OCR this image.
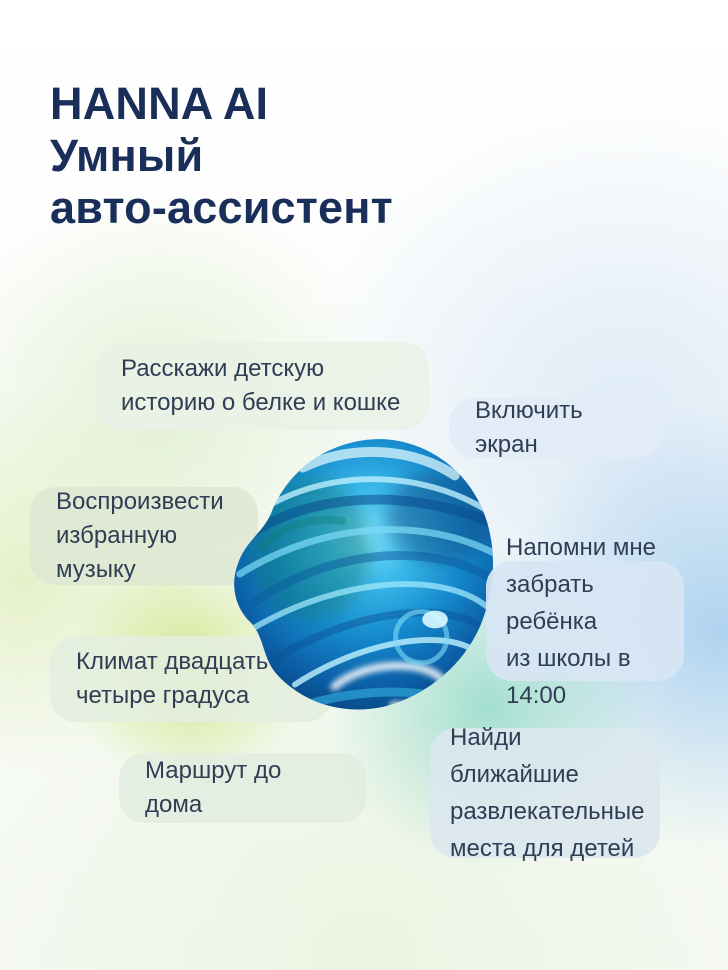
HANNA AI
Умный
авто-ассистент
Расскажи детскую
историю о белке и кошке	Включить экран
Воспроизвести
избранную музыку
Напомни мне
забрать ребёнка
из школы в 14:00
Климат двадцать
четыре градуса
Маршрут до дома
Найди ближайшие
развлекательные
места для детей
